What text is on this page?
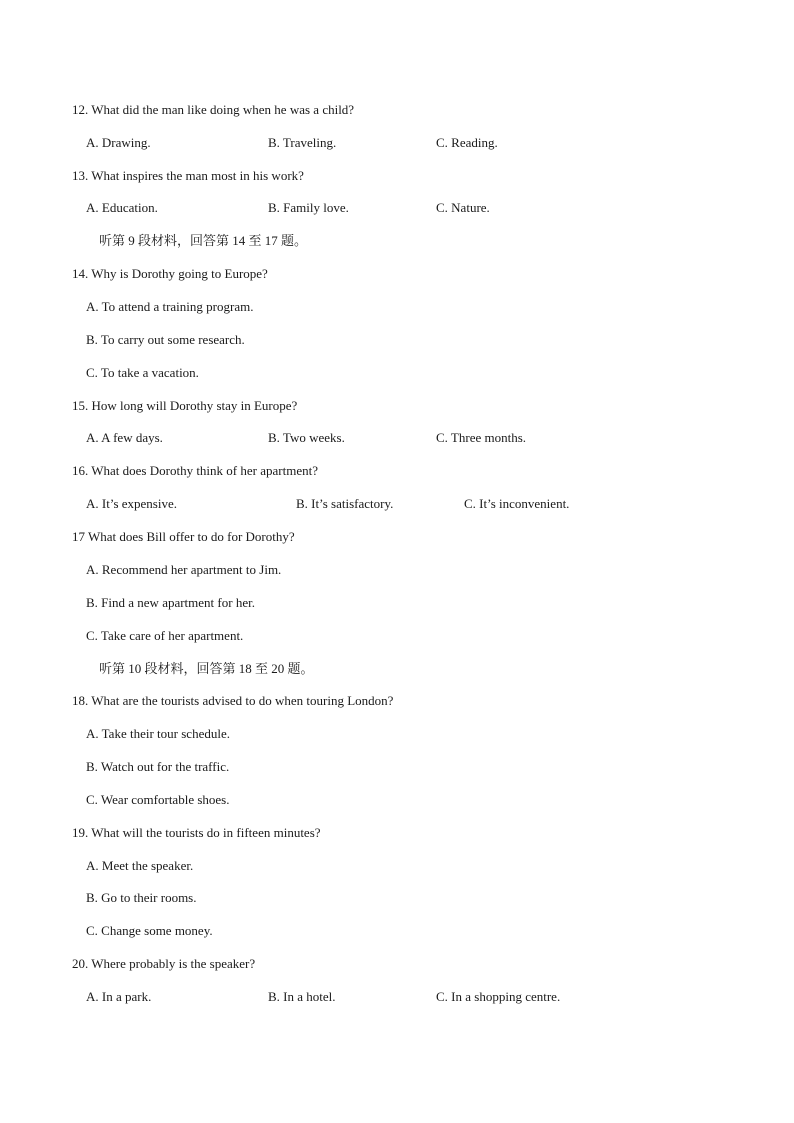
12. What did the man like doing when he was a child?
A. Drawing.	B. Traveling.	C. Reading.
13. What inspires the man most in his work?
A. Education.	B. Family love.	C. Nature.
听第 9 段材料，回答第 14 至 17 题。
14. Why is Dorothy going to Europe?
A. To attend a training program.
B. To carry out some research.
C. To take a vacation.
15. How long will Dorothy stay in Europe?
A. A few days.	B. Two weeks.	C. Three months.
16. What does Dorothy think of her apartment?
A. It’s expensive.	B. It’s satisfactory.	C. It’s inconvenient.
17 What does Bill offer to do for Dorothy?
A. Recommend her apartment to Jim.
B. Find a new apartment for her.
C. Take care of her apartment.
听第 10 段材料，回答第 18 至 20 题。
18. What are the tourists advised to do when touring London?
A. Take their tour schedule.
B. Watch out for the traffic.
C. Wear comfortable shoes.
19. What will the tourists do in fifteen minutes?
A. Meet the speaker.
B. Go to their rooms.
C. Change some money.
20. Where probably is the speaker?
A. In a park.	B. In a hotel.	C. In a shopping centre.
